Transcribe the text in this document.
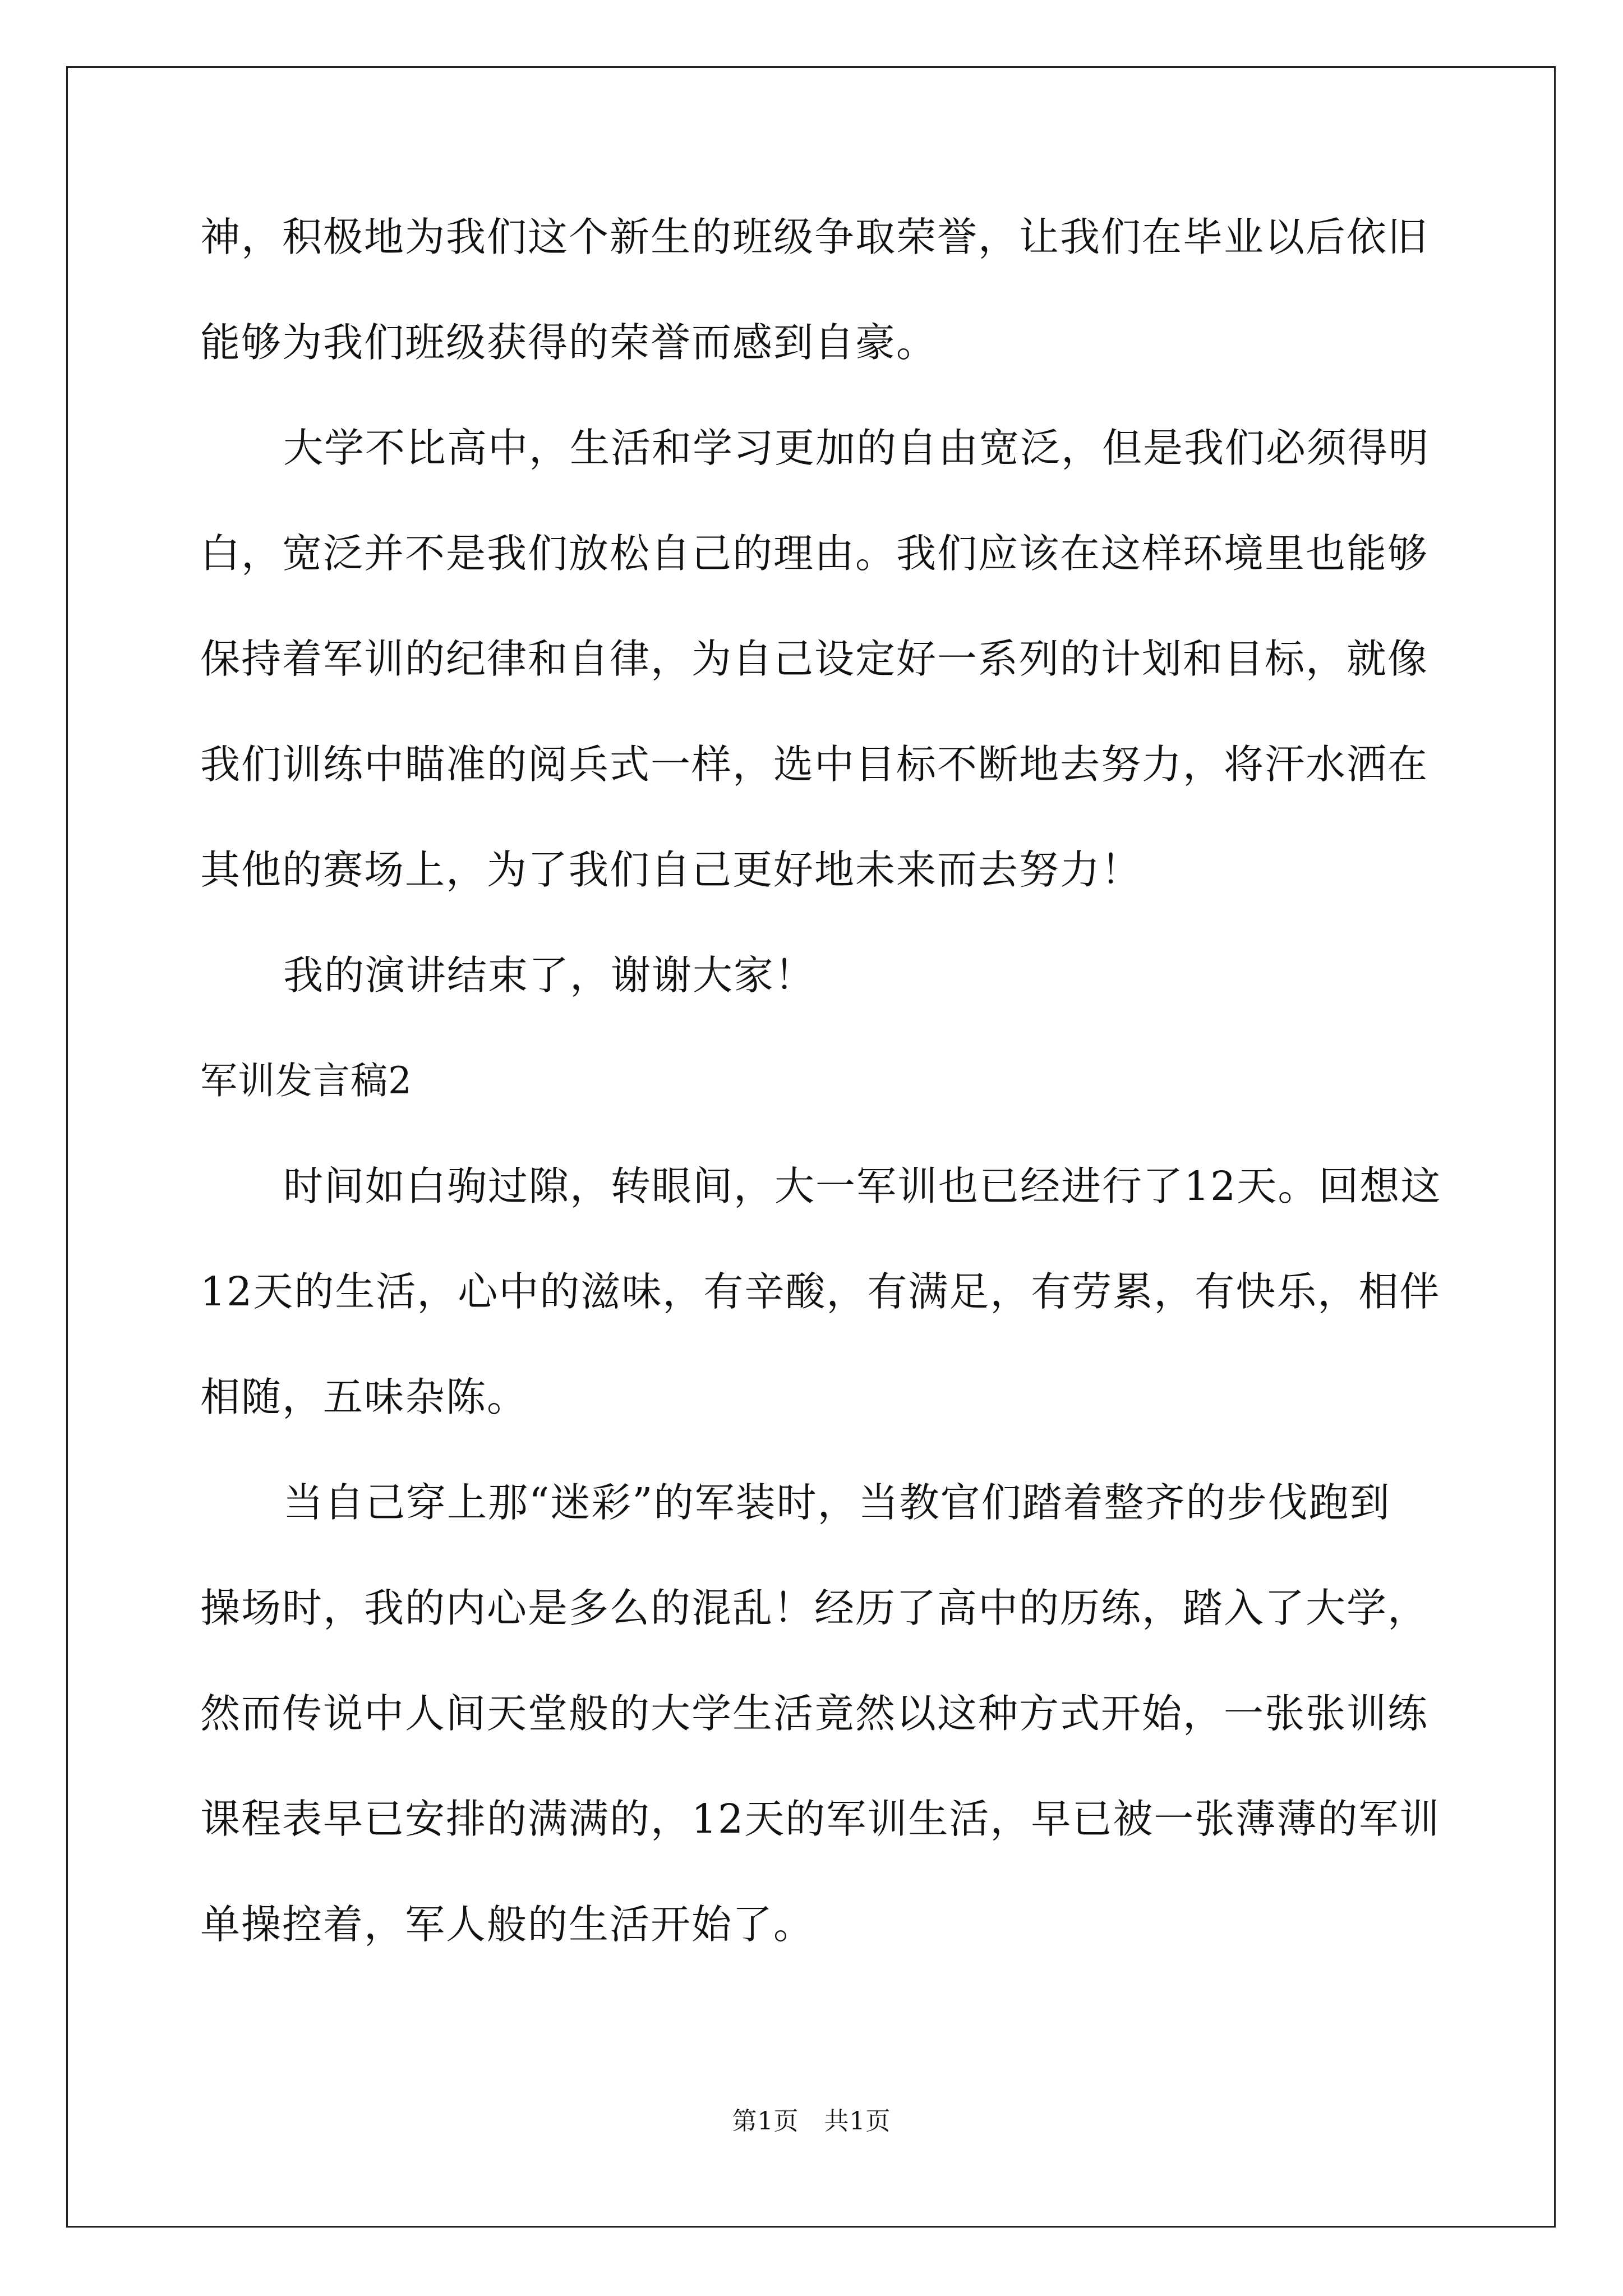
神，积极地为我们这个新生的班级争取荣誉，让我们在毕业以后依旧
能够为我们班级获得的荣誉而感到自豪。
大学不比高中，生活和学习更加的自由宽泛，但是我们必须得明
白，宽泛并不是我们放松自己的理由。我们应该在这样环境里也能够
保持着军训的纪律和自律，为自己设定好一系列的计划和目标，就像
我们训练中瞄准的阅兵式一样，选中目标不断地去努力，将汗水洒在
其他的赛场上，为了我们自己更好地未来而去努力！
我的演讲结束了，谢谢大家！
军训发言稿2
时间如白驹过隙，转眼间，大一军训也已经进行了12天。回想这
12天的生活，心中的滋味，有辛酸，有满足，有劳累，有快乐，相伴
相随，五味杂陈。
当自己穿上那“迷彩”的军装时，当教官们踏着整齐的步伐跑到
操场时，我的内心是多么的混乱！经历了高中的历练，踏入了大学，
然而传说中人间天堂般的大学生活竟然以这种方式开始，一张张训练
课程表早已安排的满满的，12天的军训生活，早已被一张薄薄的军训
单操控着，军人般的生活开始了。
第1页　共1页
